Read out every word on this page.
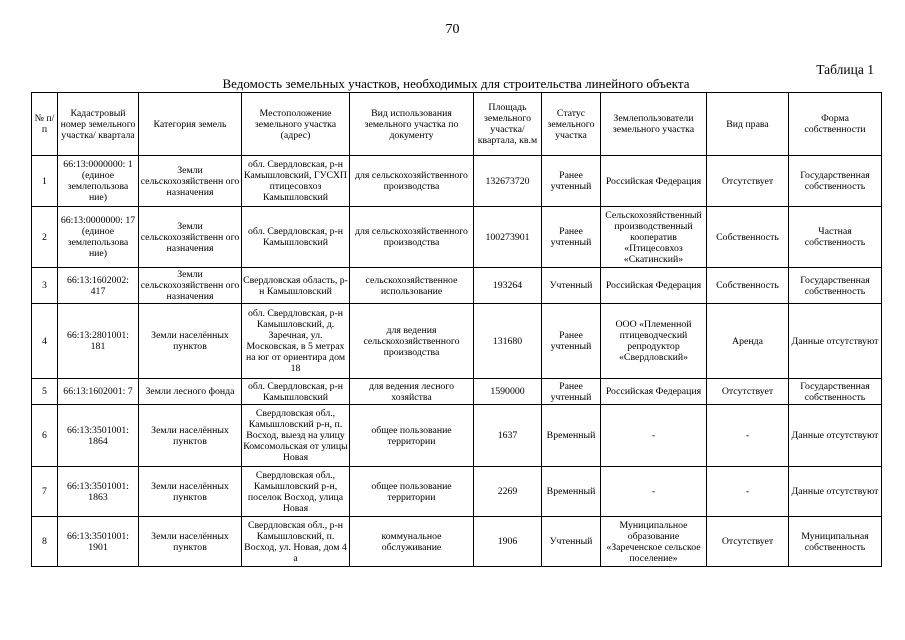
70
Таблица 1
Ведомость земельных участков, необходимых для строительства линейного объекта
№ п/п	Кадастровый номер земельного участка/ квартала	Категория земель	Местоположение земельного участка (адрес)	Вид использования земельного участка по документу	Площадь земельного участка/ квартала, кв.м	Статус земельного участка	Землепользователи земельного участка	Вид права	Форма собственности
1	66:13:0000000: 1 (единое землепользова ние)	Земли сельскохозяйственн ого назначения	обл. Свердловская, р-н Камышловский, ГУСХП птицесовхоз Камышловский	для сельскохозяйственного производства	132673720	Ранее учтенный	Российская Федерация	Отсутствует	Государственная собственность
2	66:13:0000000: 17 (единое землепользова ние)	Земли сельскохозяйственн ого назначения	обл. Свердловская, р-н Камышловский	для сельскохозяйственного производства	100273901	Ранее учтенный	Сельскохозяйственный производственный кооператив «Птицесовхоз «Скатинский»	Собственность	Частная собственность
3	66:13:1602002: 417	Земли сельскохозяйственн ого назначения	Свердловская область, р-н Камышловский	сельскохозяйственное использование	193264	Учтенный	Российская Федерация	Собственность	Государственная собственность
4	66:13:2801001: 181	Земли населённых пунктов	обл. Свердловская, р-н Камышловский, д. Заречная, ул. Московская, в 5 метрах на юг от ориентира дом 18	для ведения сельскохозяйственного производства	131680	Ранее учтенный	ООО «Племенной птицеводческий репродуктор «Свердловский»	Аренда	Данные отсутствуют
5	66:13:1602001: 7	Земли лесного фонда	обл. Свердловская, р-н Камышловский	для ведения лесного хозяйства	1590000	Ранее учтенный	Российская Федерация	Отсутствует	Государственная собственность
6	66:13:3501001: 1864	Земли населённых пунктов	Свердловская обл., Камышловский р-н, п. Восход, выезд на улицу Комсомольская от улицы Новая	общее пользование территории	1637	Временный	-	-	Данные отсутствуют
7	66:13:3501001: 1863	Земли населённых пунктов	Свердловская обл., Камышловский р-н, поселок Восход, улица Новая	общее пользование территории	2269	Временный	-	-	Данные отсутствуют
8	66:13:3501001: 1901	Земли населённых пунктов	Свердловская обл., р-н Камышловский, п. Восход, ул. Новая, дом 4 а	коммунальное обслуживание	1906	Учтенный	Муниципальное образование «Зареченское сельское поселение»	Отсутствует	Муниципальная собственность
